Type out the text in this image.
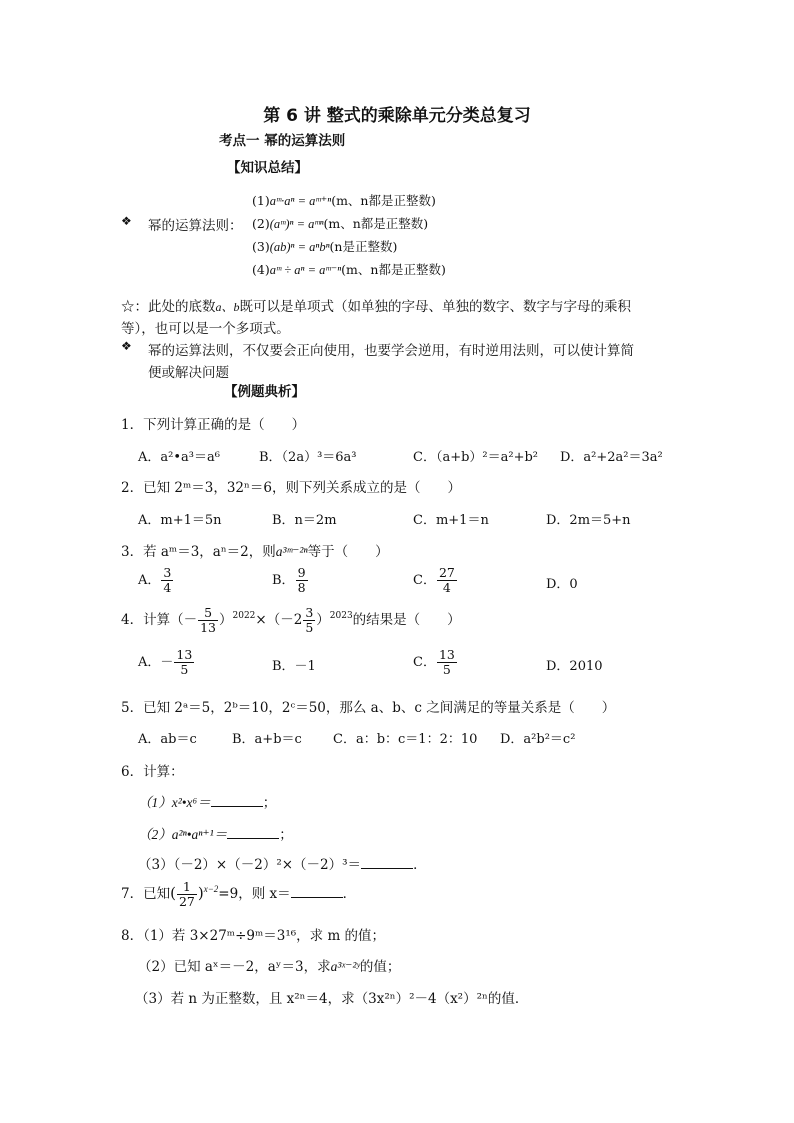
第 6 讲 整式的乘除单元分类总复习
考点一 幂的运算法则
【知识总结】
(1)aᵐ·aⁿ = aᵐ⁺ⁿ(m、n都是正整数)
❖ 幂的运算法则： (2)(aᵐ)ⁿ = aᵐⁿ(m、n都是正整数)
(3)(ab)ⁿ = aⁿbⁿ(n是正整数)
(4)aᵐ ÷ aⁿ = aᵐ⁻ⁿ(m、n都是正整数)
☆：此处的底数a、b既可以是单项式（如单独的字母、单独的数字、数字与字母的乘积
等），也可以是一个多项式。
❖ 幂的运算法则，不仅要会正向使用，也要学会逆用，有时逆用法则，可以使计算简
便或解决问题
【例题典析】
1．下列计算正确的是（　　）
A．a²•a³＝a⁶	B．（2a）³＝6a³	C．（a+b）²＝a²+b² D．a²+2a²＝3a²
2．已知 2ᵐ＝3，32ⁿ＝6，则下列关系成立的是（　　）
A．m+1＝5n	B．n＝2m	C．m+1＝n	D．2m＝5+n
3．若 aᵐ＝3，aⁿ＝2，则a³ᵐ⁻²ⁿ等于（　　）
A． $\frac{3}{4}$	B． $\frac{9}{8}$	C． $\frac{27}{4}$	D．0
4．计算（－ $\frac{5}{13} )^{2022}\times(-2 \frac{3}{5} )^{2023}$的结果是（　　）
A．－ $\frac{13}{5}$	B．－1	C． $\frac{13}{5}$	D．2010
5．已知 2ᵃ＝5，2ᵇ＝10，2ᶜ＝50，那么 a、b、c 之间满足的等量关系是（　　）
A．ab＝c	B．a+b＝c C．a：b：c＝1：2：10 D．a²b²＝c²
6．计算：
（1）x²•x⁶＝	；
（2）a²ⁿ•aⁿ⁺¹＝	；
（3）（－2）×（－2）²×（－2）³＝	．
7．已知( $\frac{1}{27} )^{x-2}=9$，则 x＝	．
8．（1）若 3×27ᵐ÷9ᵐ＝3¹⁶，求 m 的值；
（2）已知 aˣ＝－2，aʸ＝3，求a³ˣ⁻²ʸ的值；
（3）若 n 为正整数，且 x²ⁿ＝4，求（3x²ⁿ）²－4（x²）²ⁿ的值．
